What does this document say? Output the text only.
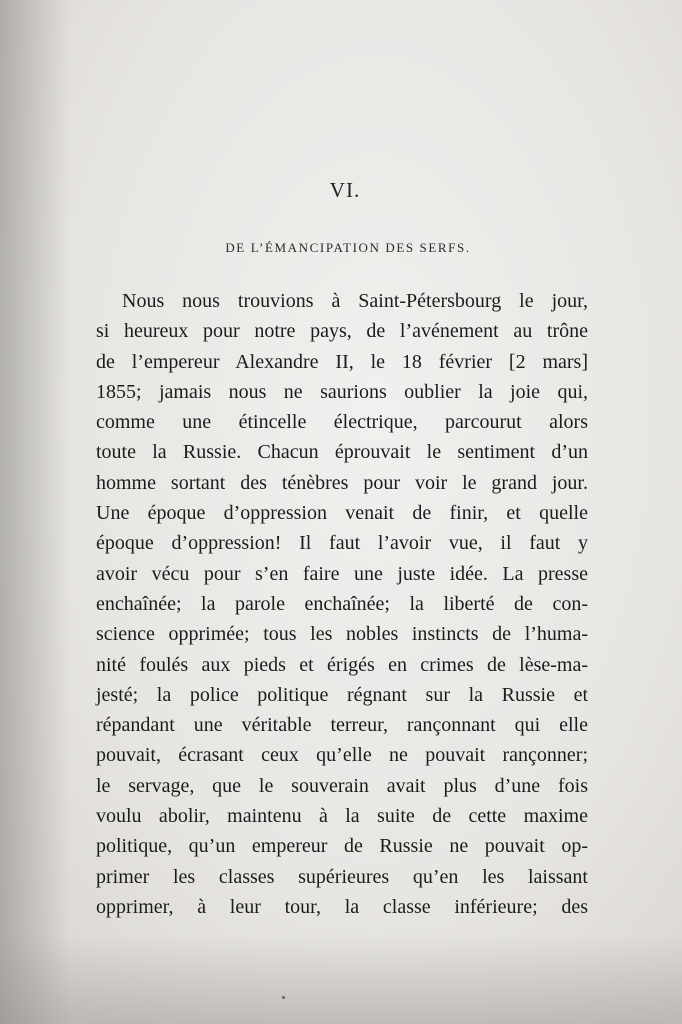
VI.
DE L’ÉMANCIPATION DES SERFS.
Nous nous trouvions à Saint-Pétersbourg le jour,
si heureux pour notre pays, de l’avénement au trône
de l’empereur Alexandre II, le 18 février [2 mars]
1855; jamais nous ne saurions oublier la joie qui,
comme une étincelle électrique, parcourut alors
toute la Russie. Chacun éprouvait le sentiment d’un
homme sortant des ténèbres pour voir le grand jour.
Une époque d’oppression venait de finir, et quelle
époque d’oppression! Il faut l’avoir vue, il faut y
avoir vécu pour s’en faire une juste idée. La presse
enchaînée; la parole enchaînée; la liberté de con-
science opprimée; tous les nobles instincts de l’huma-
nité foulés aux pieds et érigés en crimes de lèse-ma-
jesté; la police politique régnant sur la Russie et
répandant une véritable terreur, rançonnant qui elle
pouvait, écrasant ceux qu’elle ne pouvait rançonner;
le servage, que le souverain avait plus d’une fois
voulu abolir, maintenu à la suite de cette maxime
politique, qu’un empereur de Russie ne pouvait op-
primer les classes supérieures qu’en les laissant
opprimer, à leur tour, la classe inférieure; des
